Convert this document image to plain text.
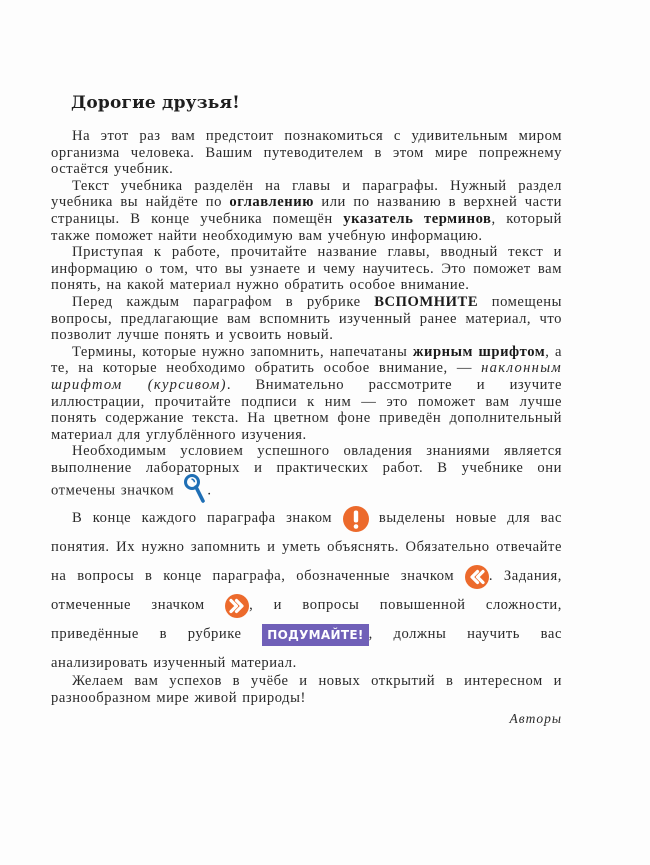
Дорогие друзья!

На этот раз вам предстоит познакомиться с удивительным миром организма человека. Вашим путеводителем в этом мире попрежнему остаётся учебник.

Текст учебника разделён на главы и параграфы. Нужный раздел учебника вы найдёте по оглавлению или по названию в верхней части страницы. В конце учебника помещён указатель терминов, который также поможет найти необходимую вам учебную информацию.

Приступая к работе, прочитайте название главы, вводный текст и информацию о том, что вы узнаете и чему научитесь. Это поможет вам понять, на какой материал нужно обратить особое внимание.

Перед каждым параграфом в рубрике ВСПОМНИТЕ помещены вопросы, предлагающие вам вспомнить изученный ранее материал, что позволит лучше понять и усвоить новый.

Термины, которые нужно запомнить, напечатаны жирным шрифтом, а те, на которые необходимо обратить особое внимание, — наклонным шрифтом (курсивом). Внимательно рассмотрите и изучите иллюстрации, прочитайте подписи к ним — это поможет вам лучше понять содержание текста. На цветном фоне приведён дополнительный материал для углублённого изучения.

Необходимым условием успешного овладения знаниями является выполнение лабораторных и практических работ. В учебнике они отмечены значком
.

В конце каждого параграфа знаком
выделены новые для вас понятия. Их нужно запомнить и уметь объяснять. Обязательно отвечайте на вопросы в конце параграфа, обозначенные значком
. Задания, отмеченные значком
, и вопросы повышенной сложности, приведённые в рубрике ПОДУМАЙТЕ! , должны научить вас анализировать изученный материал.

Желаем вам успехов в учёбе и новых открытий в интересном и разнообразном мире живой природы!

Авторы
